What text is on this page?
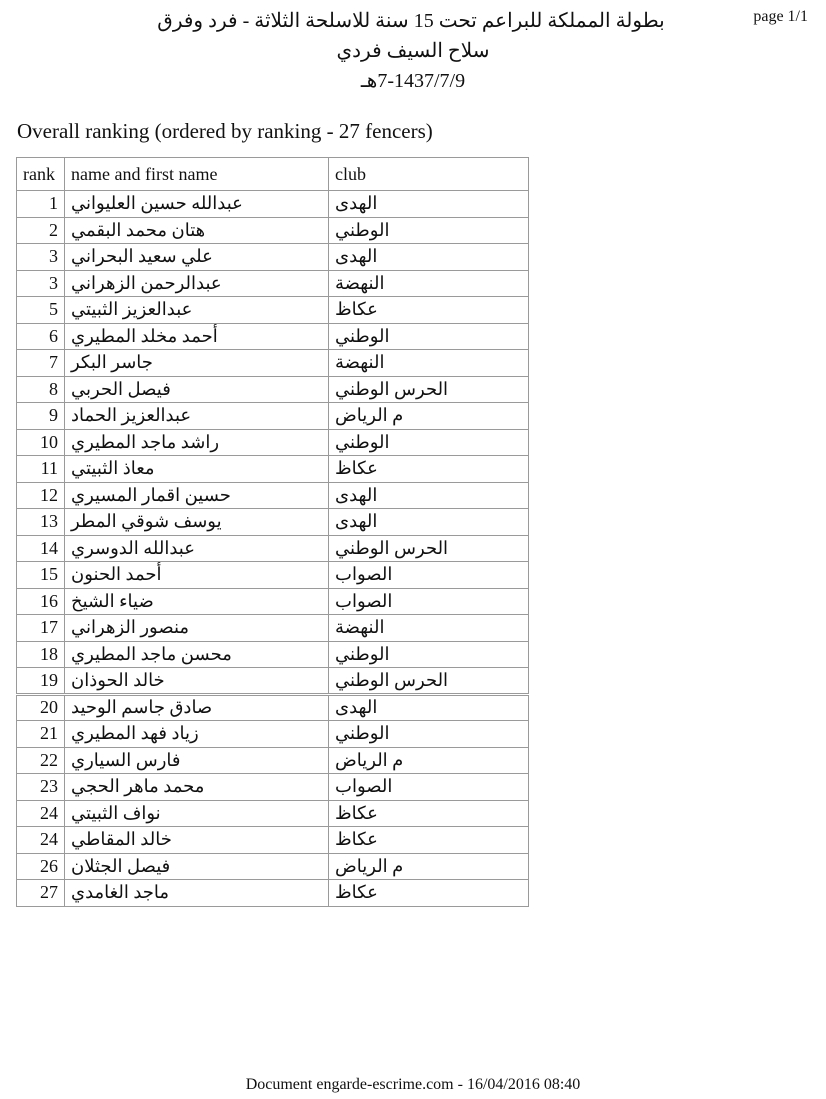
page 1/1
بطولة المملكة للبراعم تحت 15 سنة للاسلحة الثلاثة - فرد وفرق
سلاح السيف فردي
7-1437/7/9هـ
Overall ranking (ordered by ranking - 27 fencers)
rank	name and first name	club
1	عبدالله حسين العليواني	الهدى
2	هتان محمد البقمي	الوطني
3	علي سعيد البحراني	الهدى
3	عبدالرحمن الزهراني	النهضة
5	عبدالعزيز الثبيتي	عكاظ
6	أحمد مخلد المطيري	الوطني
7	جاسر البكر	النهضة
8	فيصل الحربي	الحرس الوطني
9	عبدالعزيز الحماد	م الرياض
10	راشد ماجد المطيري	الوطني
11	معاذ الثبيتي	عكاظ
12	حسين اقمار المسيري	الهدى
13	يوسف شوقي المطر	الهدى
14	عبدالله الدوسري	الحرس الوطني
15	أحمد الحنون	الصواب
16	ضياء الشيخ	الصواب
17	منصور الزهراني	النهضة
18	محسن ماجد المطيري	الوطني
19	خالد الحوذان	الحرس الوطني
20	صادق جاسم الوحيد	الهدى
21	زياد فهد المطيري	الوطني
22	فارس السياري	م الرياض
23	محمد ماهر الحجي	الصواب
24	نواف الثبيتي	عكاظ
24	خالد المقاطي	عكاظ
26	فيصل الجثلان	م الرياض
27	ماجد الغامدي	عكاظ
Document engarde-escrime.com - 16/04/2016 08:40
